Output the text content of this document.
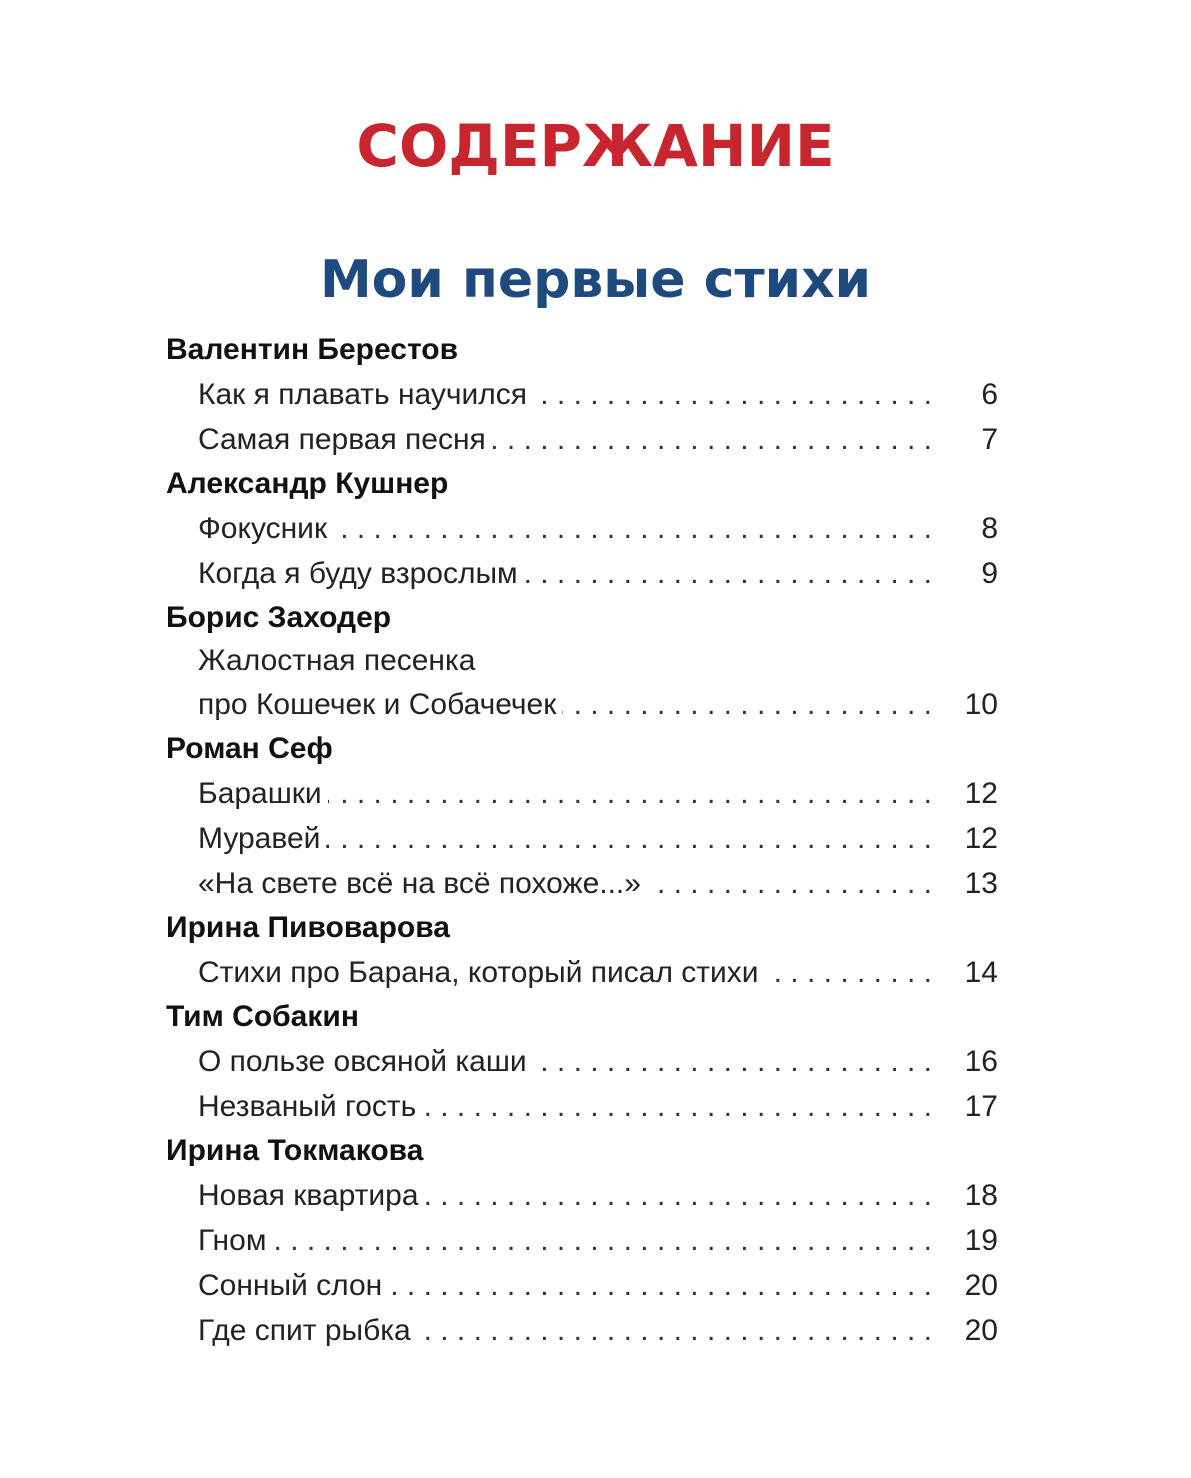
СОДЕРЖАНИЕ
Мои первые стихи
Валентин Берестов
Как я плавать научился . . .	6
Самая первая песня . . .	7
Александр Кушнер
Фокусник . . .	8
Когда я буду взрослым . . .	9
Борис Заходер
Жалостная песенка
про Кошечек и Собачечек . . .	10
Роман Сеф
Барашки . . .	12
Муравей . . .	12
«На свете всё на всё похоже...» . . .	13
Ирина Пивоварова
Стихи про Барана, который писал стихи . . .	14
Тим Собакин
О пользе овсяной каши . . .	16
Незваный гость . . .	17
Ирина Токмакова
Новая квартира . . .	18
Гном . . .	19
Сонный слон . . .	20
Где спит рыбка . . .	20
